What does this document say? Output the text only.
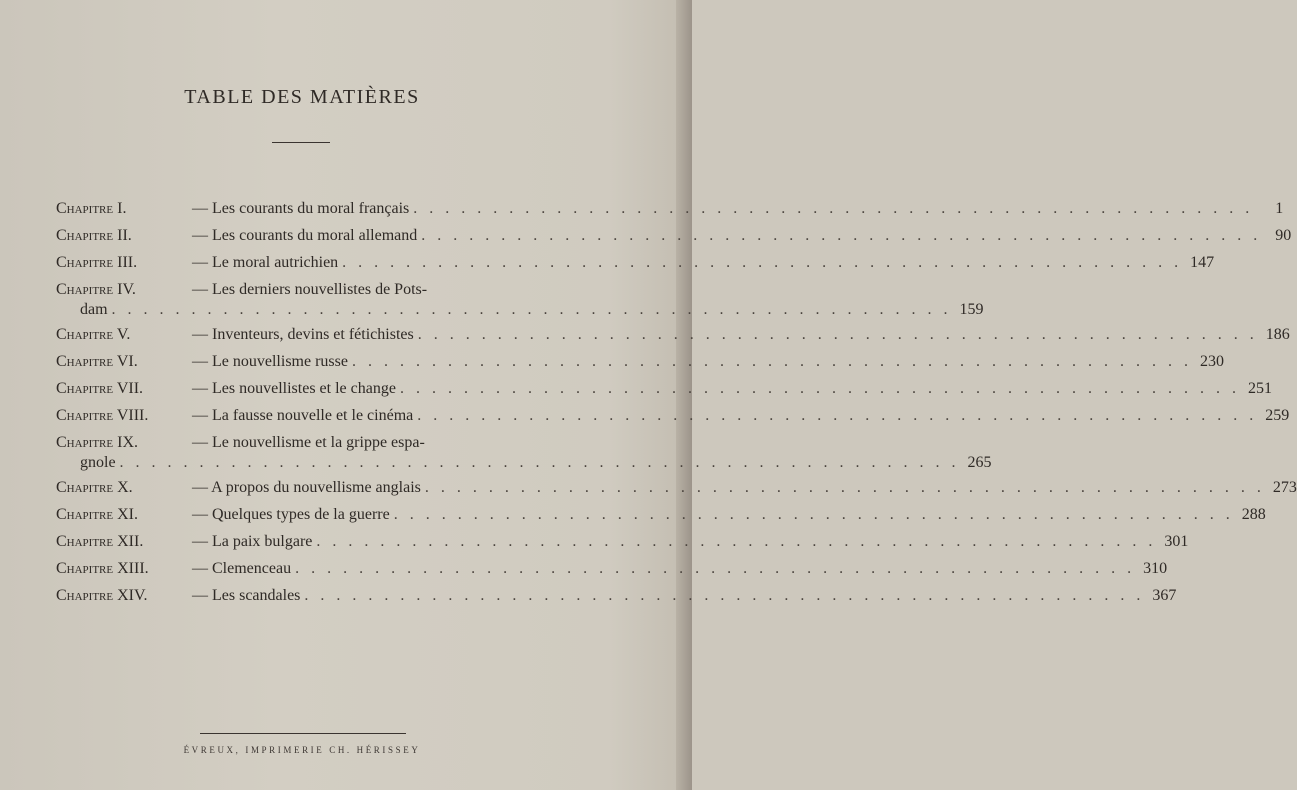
TABLE DES MATIÈRES
Chapitre I.	— Les courants du moral français . . . . . . . . . . . . . . . . . . . . . . . . . . . . . . . . . . . . . . . . . . . . . . . . . . . . .	1
Chapitre II.	— Les courants du moral allemand . . . . . . . . . . . . . . . . . . . . . . . . . . . . . . . . . . . . . . . . . . . . . . . . . . . . . 90
Chapitre III.	— Le moral autrichien . . . . . . . . . . . . . . . . . . . . . . . . . . . . . . . . . . . . . . . . . . . . . . . . . . . . . 147
Chapitre IV.	— Les derniers nouvellistes de Pots-
dam . . . . . . . . . . . . . . . . . . . . . . . . . . . . . . . . . . . . . . . . . . . . . . . . . . . . . 159
Chapitre V.	— Inventeurs, devins et fétichistes . . . . . . . . . . . . . . . . . . . . . . . . . . . . . . . . . . . . . . . . . . . . . . . . . . . . . 186
Chapitre VI.	— Le nouvellisme russe . . . . . . . . . . . . . . . . . . . . . . . . . . . . . . . . . . . . . . . . . . . . . . . . . . . . . 230
Chapitre VII.	— Les nouvellistes et le change . . . . . . . . . . . . . . . . . . . . . . . . . . . . . . . . . . . . . . . . . . . . . . . . . . . . . 251
Chapitre VIII.	— La fausse nouvelle et le cinéma . . . . . . . . . . . . . . . . . . . . . . . . . . . . . . . . . . . . . . . . . . . . . . . . . . . . . 259
Chapitre IX.	— Le nouvellisme et la grippe espa-
gnole . . . . . . . . . . . . . . . . . . . . . . . . . . . . . . . . . . . . . . . . . . . . . . . . . . . . . 265
Chapitre X.	— A propos du nouvellisme anglais . . . . . . . . . . . . . . . . . . . . . . . . . . . . . . . . . . . . . . . . . . . . . . . . . . . . . 273
Chapitre XI.	— Quelques types de la guerre . . . . . . . . . . . . . . . . . . . . . . . . . . . . . . . . . . . . . . . . . . . . . . . . . . . . . 288
Chapitre XII.	— La paix bulgare . . . . . . . . . . . . . . . . . . . . . . . . . . . . . . . . . . . . . . . . . . . . . . . . . . . . . 301
Chapitre XIII.	— Clemenceau . . . . . . . . . . . . . . . . . . . . . . . . . . . . . . . . . . . . . . . . . . . . . . . . . . . . . 310
Chapitre XIV.	— Les scandales . . . . . . . . . . . . . . . . . . . . . . . . . . . . . . . . . . . . . . . . . . . . . . . . . . . . . 367
ÉVREUX, IMPRIMERIE CH. HÉRISSEY
